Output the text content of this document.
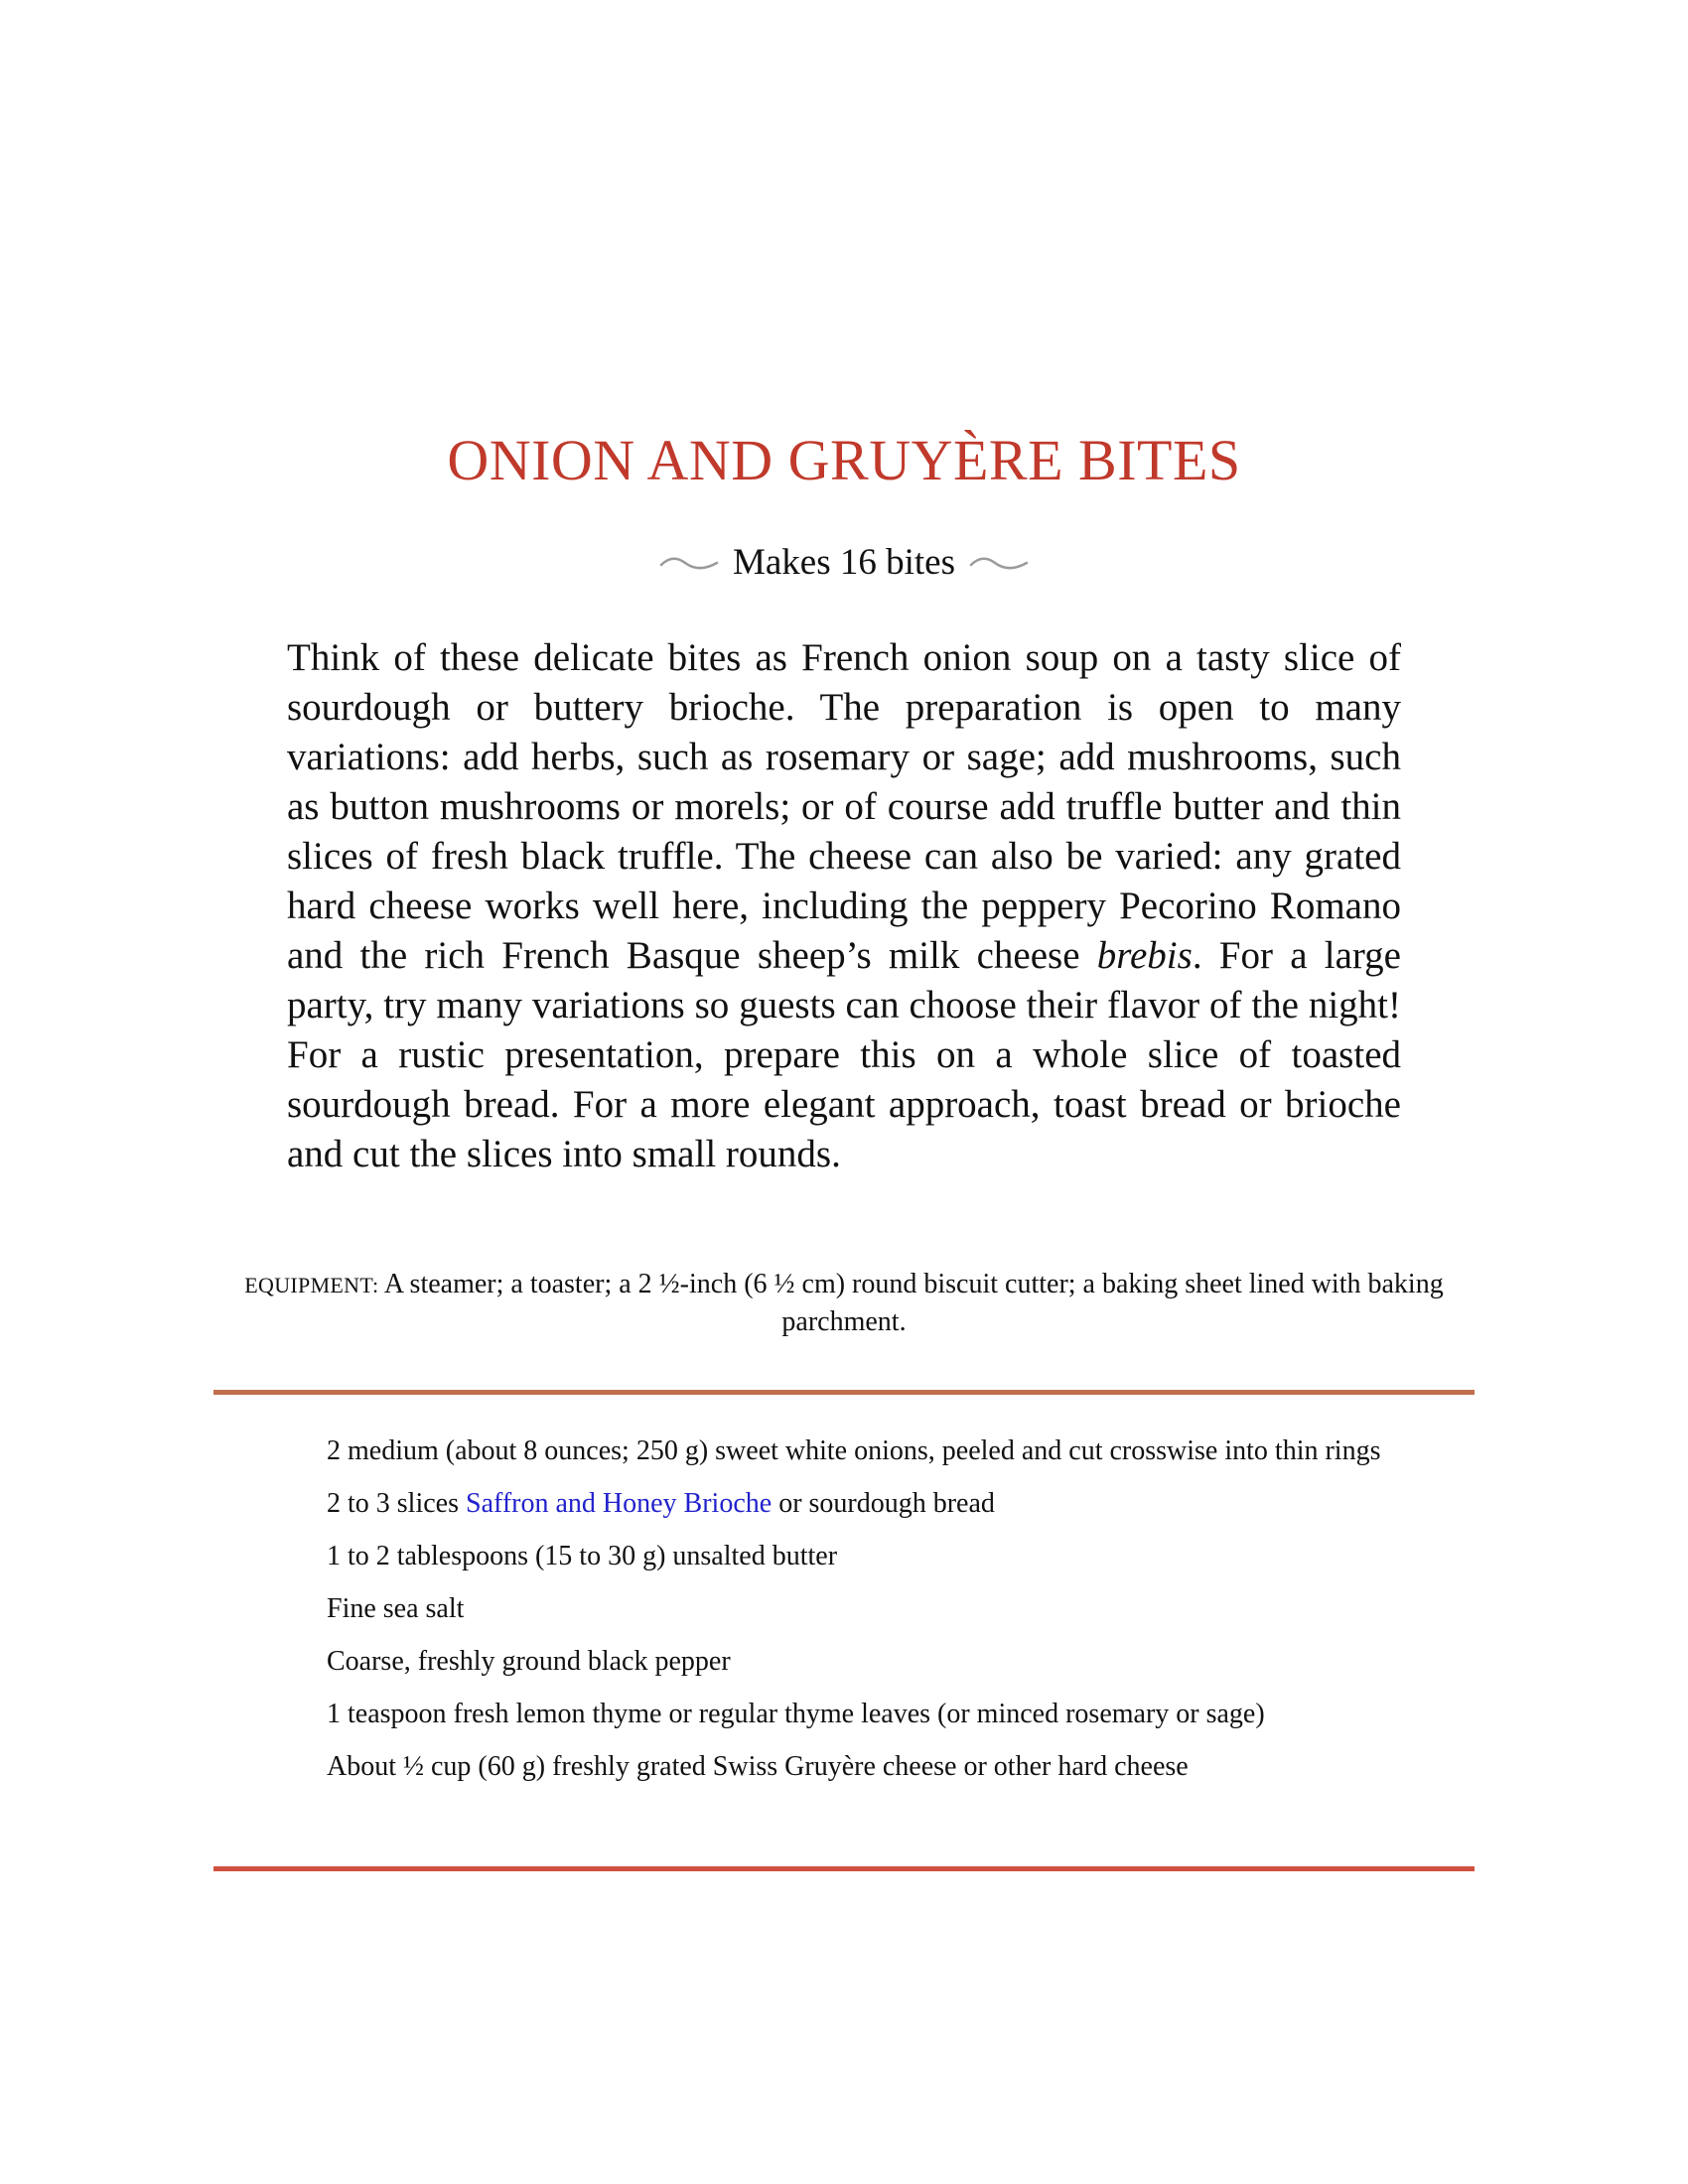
ONION AND GRUYÈRE BITES
Makes 16 bites

Think of these delicate bites as French onion soup on a tasty slice of sourdough or buttery brioche. The preparation is open to many variations: add herbs, such as rosemary or sage; add mushrooms, such as button mushrooms or morels; or of course add truffle butter and thin slices of fresh black truffle. The cheese can also be varied: any grated hard cheese works well here, including the peppery Pecorino Romano and the rich French Basque sheep’s milk cheese brebis. For a large party, try many variations so guests can choose their flavor of the night! For a rustic presentation, prepare this on a whole slice of toasted sourdough bread. For a more elegant approach, toast bread or brioche and cut the slices into small rounds.

EQUIPMENT: A steamer; a toaster; a 2 ½-inch (6 ½ cm) round biscuit cutter; a baking sheet lined with baking parchment.

2 medium (about 8 ounces; 250 g) sweet white onions, peeled and cut crosswise into thin rings
2 to 3 slices Saffron and Honey Brioche or sourdough bread
1 to 2 tablespoons (15 to 30 g) unsalted butter
Fine sea salt
Coarse, freshly ground black pepper
1 teaspoon fresh lemon thyme or regular thyme leaves (or minced rosemary or sage)
About ½ cup (60 g) freshly grated Swiss Gruyère cheese or other hard cheese
